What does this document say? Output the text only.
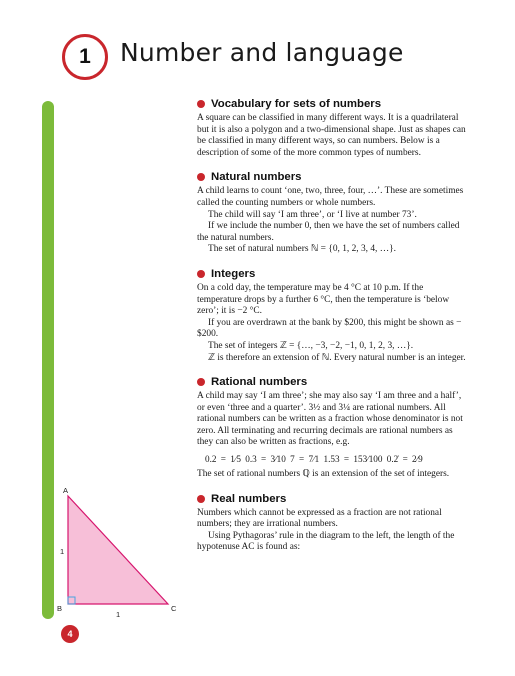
1 Number and language
Vocabulary for sets of numbers

A square can be classified in many different ways. It is a quadrilateral but it is also a polygon and a two-dimensional shape. Just as shapes can be classified in many different ways, so can numbers. Below is a description of some of the more common types of numbers.

Natural numbers

A child learns to count ‘one, two, three, four, …’. These are sometimes called the counting numbers or whole numbers.

The child will say ‘I am three’, or ‘I live at number 73’.

If we include the number 0, then we have the set of numbers called the natural numbers.

The set of natural numbers ℕ = {0, 1, 2, 3, 4, …}.

Integers

On a cold day, the temperature may be 4 °C at 10 p.m. If the temperature drops by a further 6 °C, then the temperature is ‘below zero’; it is −2 °C.

If you are overdrawn at the bank by $200, this might be shown as −$200.

The set of integers ℤ = {…, −3, −2, −1, 0, 1, 2, 3, …}.

ℤ is therefore an extension of ℕ. Every natural number is an integer.

Rational numbers

A child may say ‘I am three’; she may also say ‘I am three and a half’, or even ‘three and a quarter’. 3½ and 3¼ are rational numbers. All rational numbers can be written as a fraction whose denominator is not zero. All terminating and recurring decimals are rational numbers as they can also be written as fractions, e.g.

0.2 = 1⁄5 0.3 = 3⁄10 7 = 7⁄1 1.53 = 153⁄100 0.2̇ = 2⁄9

The set of rational numbers ℚ is an extension of the set of integers.

Real numbers

Numbers which cannot be expressed as a fraction are not rational numbers; they are irrational numbers.

Using Pythagoras’ rule in the diagram to the left, the length of the hypotenuse AC is found as:

A
B	C
1
1
4
